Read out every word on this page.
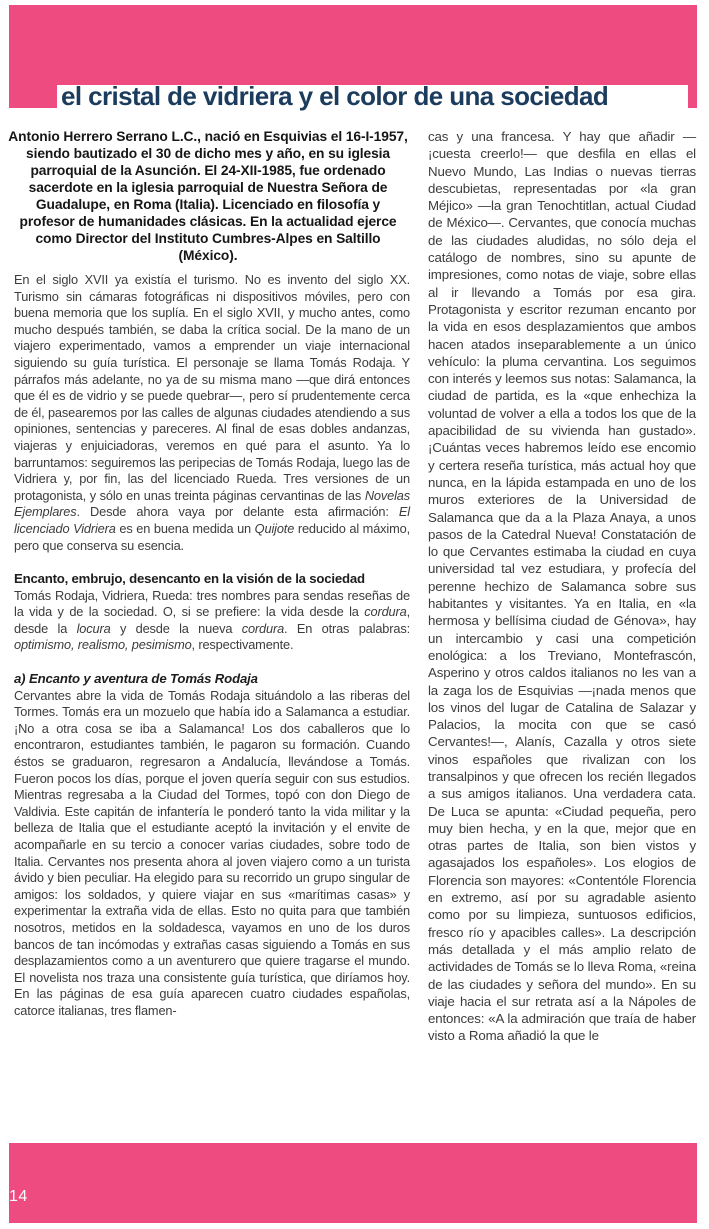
el cristal de vidriera y el color de una sociedad

Antonio Herrero Serrano L.C., nació en Esquivias el 16-I-1957, siendo bautizado el 30 de dicho mes y año, en su iglesia parroquial de la Asunción. El 24-XII-1985, fue ordenado sacerdote en la iglesia parroquial de Nuestra Señora de Guadalupe, en Roma (Italia). Licenciado en filosofía y profesor de humanidades clásicas. En la actualidad ejerce como Director del Instituto Cumbres-Alpes en Saltillo (México).

En el siglo XVII ya existía el turismo. No es invento del siglo XX. Turismo sin cámaras fotográficas ni dispositivos móviles, pero con buena memoria que los suplía. En el siglo XVII, y mucho antes, como mucho después también, se daba la crítica social. De la mano de un viajero experimentado, vamos a emprender un viaje internacional siguiendo su guía turística. El personaje se llama Tomás Rodaja. Y párrafos más adelante, no ya de su misma mano —que dirá entonces que él es de vidrio y se puede quebrar—, pero sí prudentemente cerca de él, pasearemos por las calles de algunas ciudades atendiendo a sus opiniones, sentencias y pareceres. Al final de esas dobles andanzas, viajeras y enjuiciadoras, veremos en qué para el asunto. Ya lo barruntamos: seguiremos las peripecias de Tomás Rodaja, luego las de Vidriera y, por fin, las del licenciado Rueda. Tres versiones de un protagonista, y sólo en unas treinta páginas cervantinas de las Novelas Ejemplares. Desde ahora vaya por delante esta afirmación: El licenciado Vidriera es en buena medida un Quijote reducido al máximo, pero que conserva su esencia.

Encanto, embrujo, desencanto en la visión de la sociedad

Tomás Rodaja, Vidriera, Rueda: tres nombres para sendas reseñas de la vida y de la sociedad. O, si se prefiere: la vida desde la cordura, desde la locura y desde la nueva cordura. En otras palabras: optimismo, realismo, pesimismo, respectivamente.

a) Encanto y aventura de Tomás Rodaja

Cervantes abre la vida de Tomás Rodaja situándolo a las riberas del Tormes. Tomás era un mozuelo que había ido a Salamanca a estudiar. ¡No a otra cosa se iba a Salamanca! Los dos caballeros que lo encontraron, estudiantes también, le pagaron su formación. Cuando éstos se graduaron, regresaron a Andalucía, llevándose a Tomás. Fueron pocos los días, porque el joven quería seguir con sus estudios. Mientras regresaba a la Ciudad del Tormes, topó con don Diego de Valdivia. Este capitán de infantería le ponderó tanto la vida militar y la belleza de Italia que el estudiante aceptó la invitación y el envite de acompañarle en su tercio a conocer varias ciudades, sobre todo de Italia. Cervantes nos presenta ahora al joven viajero como a un turista ávido y bien peculiar. Ha elegido para su recorrido un grupo singular de amigos: los soldados, y quiere viajar en sus «marítimas casas» y experimentar la extraña vida de ellas. Esto no quita para que también nosotros, metidos en la soldadesca, vayamos en uno de los duros bancos de tan incómodas y extrañas casas siguiendo a Tomás en sus desplazamientos como a un aventurero que quiere tragarse el mundo. El novelista nos traza una consistente guía turística, que diríamos hoy. En las páginas de esa guía aparecen cuatro ciudades españolas, catorce italianas, tres flamen-

cas y una francesa. Y hay que añadir —¡cuesta creerlo!— que desfila en ellas el Nuevo Mundo, Las Indias o nuevas tierras descubietas, representadas por «la gran Méjico» —la gran Tenochtitlan, actual Ciudad de México—. Cervantes, que conocía muchas de las ciudades aludidas, no sólo deja el catálogo de nombres, sino su apunte de impresiones, como notas de viaje, sobre ellas al ir llevando a Tomás por esa gira. Protagonista y escritor rezuman encanto por la vida en esos desplazamientos que ambos hacen atados inseparablemente a un único vehículo: la pluma cervantina. Los seguimos con interés y leemos sus notas: Salamanca, la ciudad de partida, es la «que enhechiza la voluntad de volver a ella a todos los que de la apacibilidad de su vivienda han gustado». ¡Cuántas veces habremos leído ese encomio y certera reseña turística, más actual hoy que nunca, en la lápida estampada en uno de los muros exteriores de la Universidad de Salamanca que da a la Plaza Anaya, a unos pasos de la Catedral Nueva! Constatación de lo que Cervantes estimaba la ciudad en cuya universidad tal vez estudiara, y profecía del perenne hechizo de Salamanca sobre sus habitantes y visitantes. Ya en Italia, en «la hermosa y bellísima ciudad de Génova», hay un intercambio y casi una competición enológica: a los Treviano, Montefrascón, Asperino y otros caldos italianos no les van a la zaga los de Esquivias —¡nada menos que los vinos del lugar de Catalina de Salazar y Palacios, la mocita con que se casó Cervantes!—, Alanís, Cazalla y otros siete vinos españoles que rivalizan con los transalpinos y que ofrecen los recién llegados a sus amigos italianos. Una verdadera cata. De Luca se apunta: «Ciudad pequeña, pero muy bien hecha, y en la que, mejor que en otras partes de Italia, son bien vistos y agasajados los españoles». Los elogios de Florencia son mayores: «Contentóle Florencia en extremo, así por su agradable asiento como por su limpieza, suntuosos edificios, fresco río y apacibles calles». La descripción más detallada y el más amplio relato de actividades de Tomás se lo lleva Roma, «reina de las ciudades y señora del mundo». En su viaje hacia el sur retrata así a la Nápoles de entonces: «A la admiración que traía de haber visto a Roma añadió la que le

14
